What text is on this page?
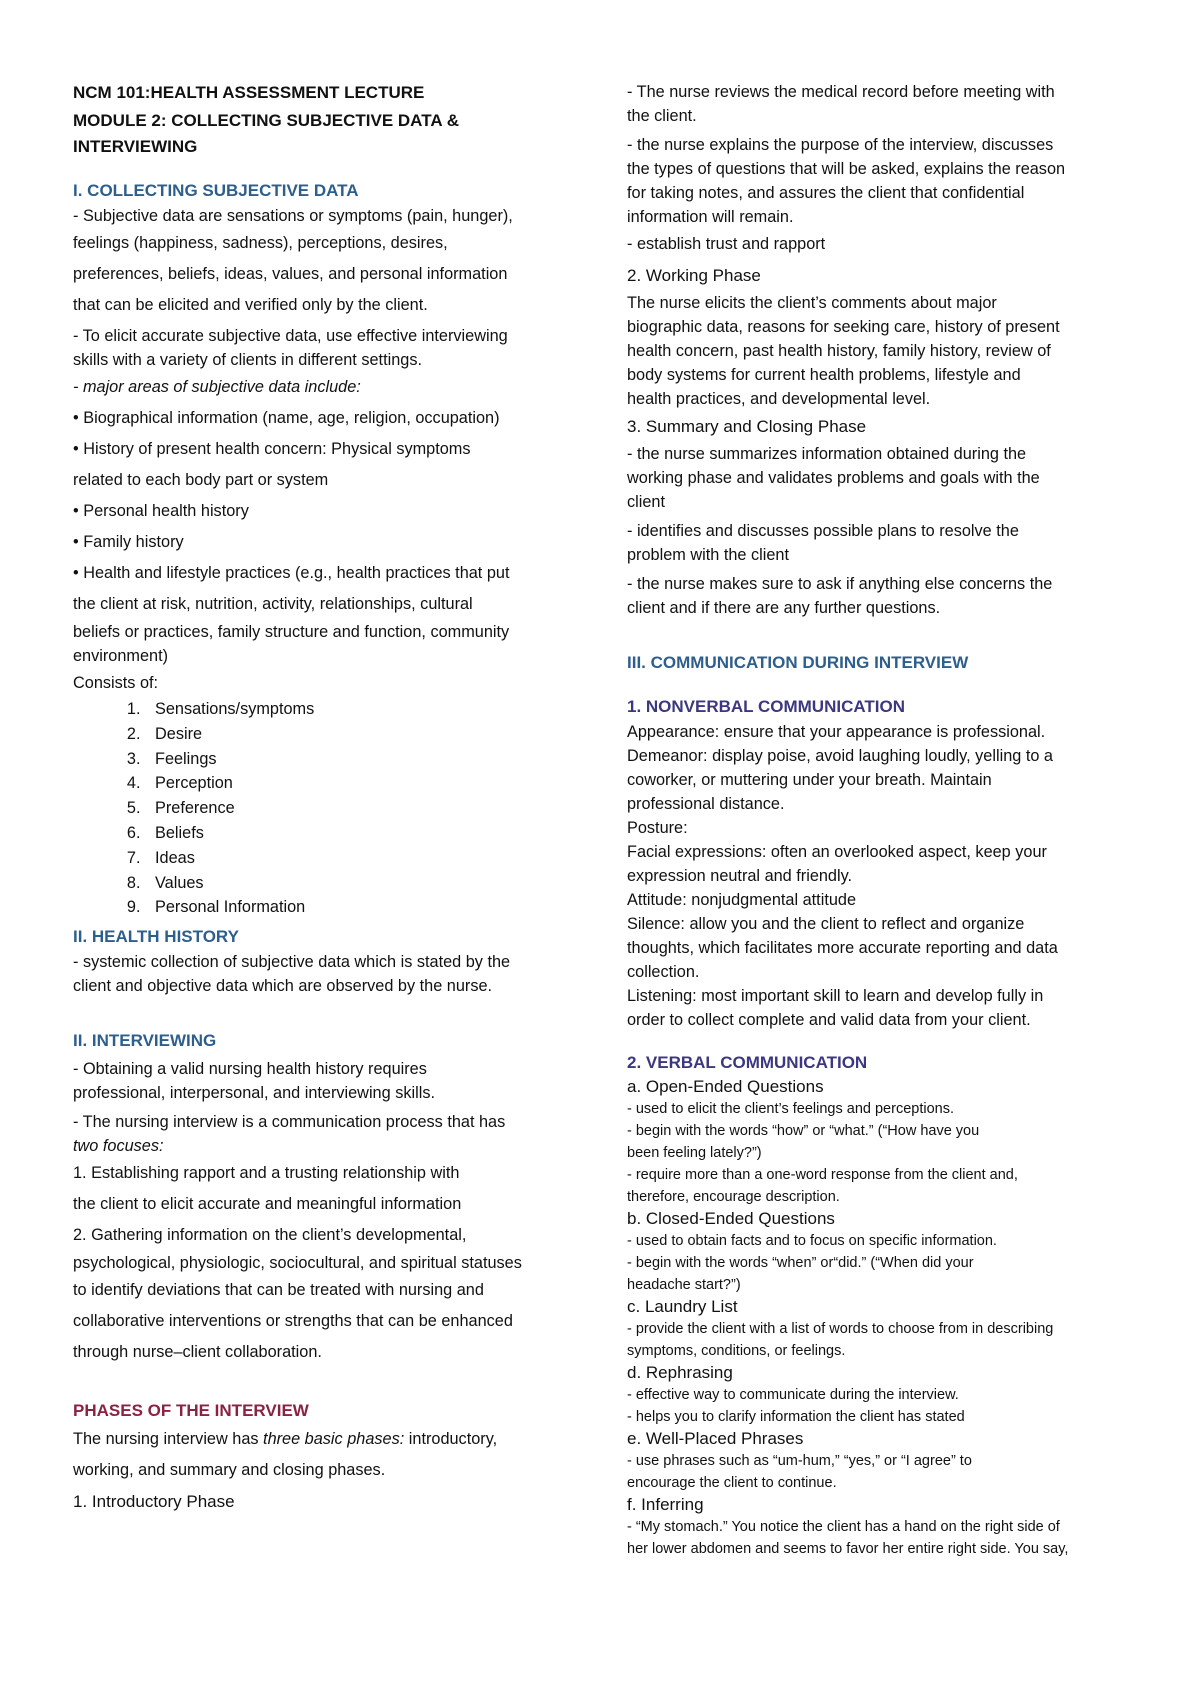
NCM 101:HEALTH ASSESSMENT LECTURE

MODULE 2: COLLECTING SUBJECTIVE DATA &

INTERVIEWING

I. COLLECTING SUBJECTIVE DATA

- Subjective data are sensations or symptoms (pain, hunger),

feelings (happiness, sadness), perceptions, desires,

preferences, beliefs, ideas, values, and personal information

that can be elicited and verified only by the client.

- To elicit accurate subjective data, use effective interviewing

skills with a variety of clients in different settings.

- major areas of subjective data include:

• Biographical information (name, age, religion, occupation)

• History of present health concern: Physical symptoms

related to each body part or system

• Personal health history

• Family history

• Health and lifestyle practices (e.g., health practices that put

the client at risk, nutrition, activity, relationships, cultural

beliefs or practices, family structure and function, community

environment)

Consists of:

1. Sensations/symptoms
2. Desire
3. Feelings
4. Perception
5. Preference
6. Beliefs
7. Ideas
8. Values
9. Personal Information

II. HEALTH HISTORY

- systemic collection of subjective data which is stated by the

client and objective data which are observed by the nurse.

II. INTERVIEWING

- Obtaining a valid nursing health history requires

professional, interpersonal, and interviewing skills.

- The nursing interview is a communication process that has

two focuses:

1. Establishing rapport and a trusting relationship with

the client to elicit accurate and meaningful information

2. Gathering information on the client’s developmental,

psychological, physiologic, sociocultural, and spiritual statuses

to identify deviations that can be treated with nursing and

collaborative interventions or strengths that can be enhanced

through nurse–client collaboration.

PHASES OF THE INTERVIEW

The nursing interview has three basic phases: introductory,

working, and summary and closing phases.

1. Introductory Phase

- The nurse reviews the medical record before meeting with

the client.

- the nurse explains the purpose of the interview, discusses

the types of questions that will be asked, explains the reason

for taking notes, and assures the client that confidential

information will remain.

- establish trust and rapport

2. Working Phase

The nurse elicits the client’s comments about major

biographic data, reasons for seeking care, history of present

health concern, past health history, family history, review of

body systems for current health problems, lifestyle and

health practices, and developmental level.

3. Summary and Closing Phase

- the nurse summarizes information obtained during the

working phase and validates problems and goals with the

client

- identifies and discusses possible plans to resolve the

problem with the client

- the nurse makes sure to ask if anything else concerns the

client and if there are any further questions.

III. COMMUNICATION DURING INTERVIEW

1. NONVERBAL COMMUNICATION

Appearance: ensure that your appearance is professional.

Demeanor: display poise, avoid laughing loudly, yelling to a

coworker, or muttering under your breath. Maintain

professional distance.

Posture:

Facial expressions: often an overlooked aspect, keep your

expression neutral and friendly.

Attitude: nonjudgmental attitude

Silence: allow you and the client to reflect and organize

thoughts, which facilitates more accurate reporting and data

collection.

Listening: most important skill to learn and develop fully in

order to collect complete and valid data from your client.

2. VERBAL COMMUNICATION

a. Open-Ended Questions

- used to elicit the client’s feelings and perceptions.

- begin with the words “how” or “what.” (“How have you

been feeling lately?”)

- require more than a one-word response from the client and,

therefore, encourage description.

b. Closed-Ended Questions

- used to obtain facts and to focus on specific information.

- begin with the words “when” or“did.” (“When did your

headache start?”)

c. Laundry List

- provide the client with a list of words to choose from in describing

symptoms, conditions, or feelings.

d. Rephrasing

- effective way to communicate during the interview.

- helps you to clarify information the client has stated

e. Well-Placed Phrases

- use phrases such as “um-hum,” “yes,” or “I agree” to

encourage the client to continue.

f. Inferring

- “My stomach.” You notice the client has a hand on the right side of

her lower abdomen and seems to favor her entire right side. You say,
